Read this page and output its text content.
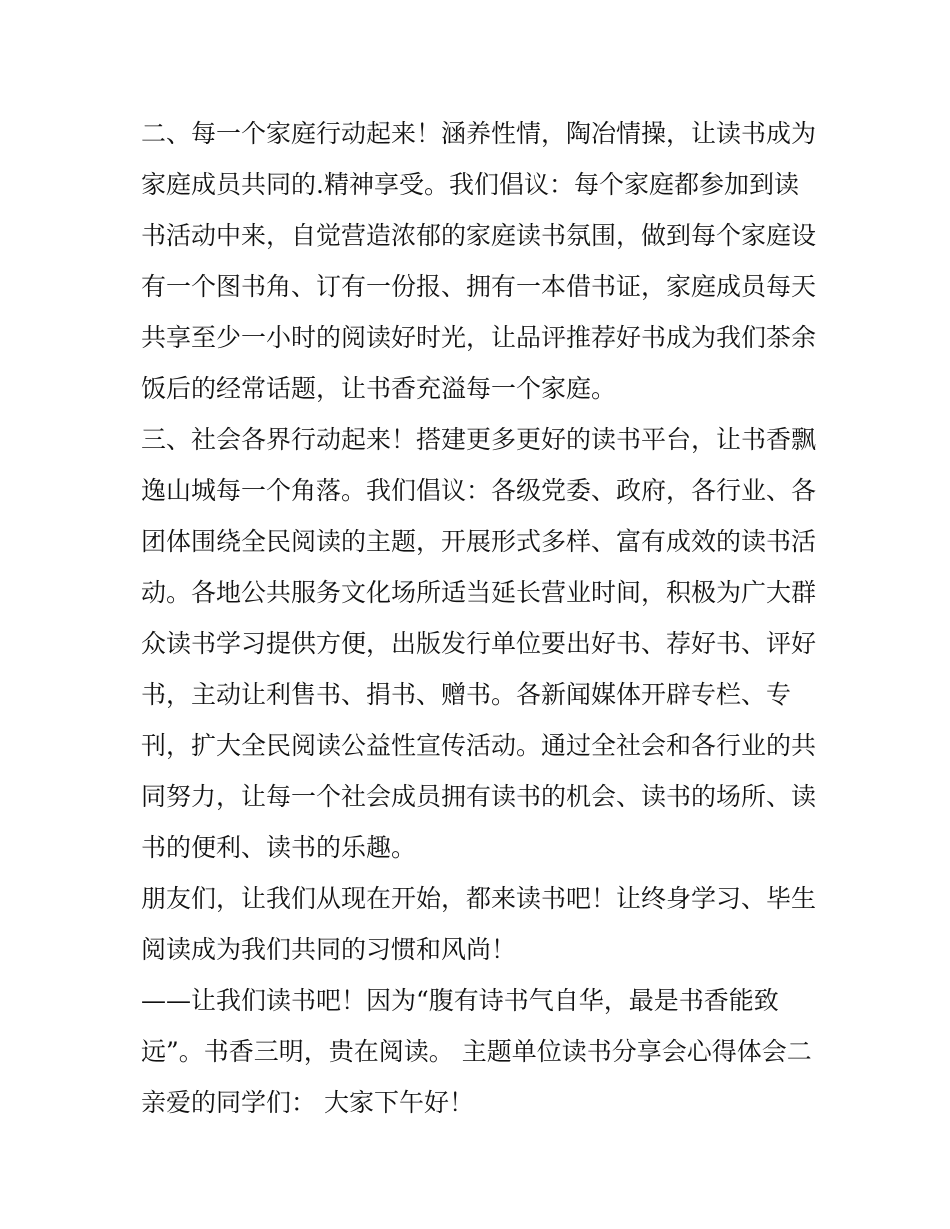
二、每一个家庭行动起来！涵养性情，陶冶情操，让读书成为
家庭成员共同的.精神享受。我们倡议：每个家庭都参加到读
书活动中来，自觉营造浓郁的家庭读书氛围，做到每个家庭设
有一个图书角、订有一份报、拥有一本借书证，家庭成员每天
共享至少一小时的阅读好时光，让品评推荐好书成为我们茶余
饭后的经常话题，让书香充溢每一个家庭。
三、社会各界行动起来！搭建更多更好的读书平台，让书香飘
逸山城每一个角落。我们倡议：各级党委、政府，各行业、各
团体围绕全民阅读的主题，开展形式多样、富有成效的读书活
动。各地公共服务文化场所适当延长营业时间，积极为广大群
众读书学习提供方便，出版发行单位要出好书、荐好书、评好
书，主动让利售书、捐书、赠书。各新闻媒体开辟专栏、专
刊，扩大全民阅读公益性宣传活动。通过全社会和各行业的共
同努力，让每一个社会成员拥有读书的机会、读书的场所、读
书的便利、读书的乐趣。
朋友们，让我们从现在开始，都来读书吧！让终身学习、毕生
阅读成为我们共同的习惯和风尚！
——让我们读书吧！因为“腹有诗书气自华，最是书香能致
远”。书香三明，贵在阅读。 主题单位读书分享会心得体会二
亲爱的同学们： 大家下午好！
